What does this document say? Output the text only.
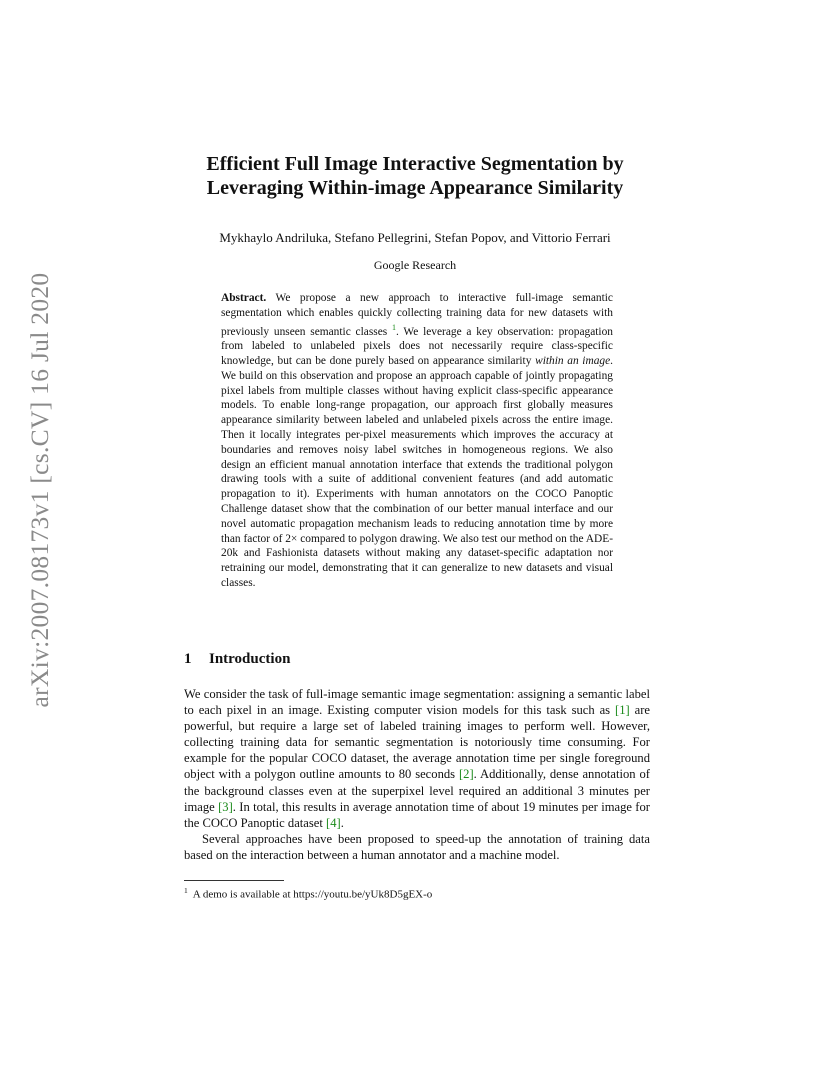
arXiv:2007.08173v1 [cs.CV] 16 Jul 2020
Efficient Full Image Interactive Segmentation by
Leveraging Within-image Appearance Similarity

Mykhaylo Andriluka, Stefano Pellegrini, Stefan Popov, and Vittorio Ferrari

Google Research

Abstract. We propose a new approach to interactive full-image semantic segmentation which enables quickly collecting training data for new datasets with previously unseen semantic classes $^1$. We leverage a key observation: propagation from labeled to unlabeled pixels does not necessarily require class-specific knowledge, but can be done purely based on appearance similarity within an image. We build on this observation and propose an approach capable of jointly propagating pixel labels from multiple classes without having explicit class-specific appearance models. To enable long-range propagation, our approach first globally measures appearance similarity between labeled and unlabeled pixels across the entire image. Then it locally integrates per-pixel measurements which improves the accuracy at boundaries and removes noisy label switches in homogeneous regions. We also design an efficient manual annotation interface that extends the traditional polygon drawing tools with a suite of additional convenient features (and add automatic propagation to it). Experiments with human annotators on the COCO Panoptic Challenge dataset show that the combination of our better manual interface and our novel automatic propagation mechanism leads to reducing annotation time by more than factor of 2× compared to polygon drawing. We also test our method on the ADE-20k and Fashionista datasets without making any dataset-specific adaptation nor retraining our model, demonstrating that it can generalize to new datasets and visual classes.

1 Introduction

We consider the task of full-image semantic image segmentation: assigning a semantic label to each pixel in an image. Existing computer vision models for this task such as [1] are powerful, but require a large set of labeled training images to perform well. However, collecting training data for semantic segmentation is notoriously time consuming. For example for the popular COCO dataset, the average annotation time per single foreground object with a polygon outline amounts to 80 seconds [2]. Additionally, dense annotation of the background classes even at the superpixel level required an additional 3 minutes per image [3]. In total, this results in average annotation time of about 19 minutes per image for the COCO Panoptic dataset [4].

Several approaches have been proposed to speed-up the annotation of training data based on the interaction between a human annotator and a machine model.

$^1$ A demo is available at https://youtu.be/yUk8D5gEX-o
